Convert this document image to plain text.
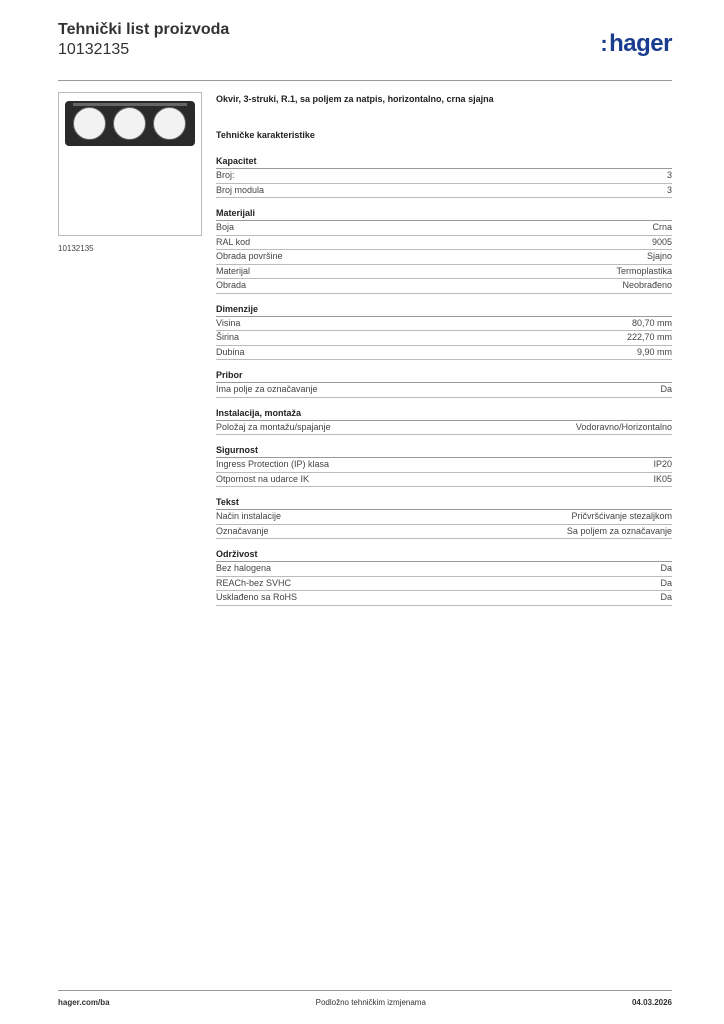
Tehnički list proizvoda
10132135	:hager
10132135
Okvir, 3-struki, R.1, sa poljem za natpis, horizontalno, crna sjajna
Tehničke karakteristike
Kapacitet
Broj:	3
Broj modula	3
Materijali
Boja	Crna
RAL kod	9005
Obrada površine	Sjajno
Materijal	Termoplastika
Obrada	Neobrađeno
Dimenzije
Visina	80,70 mm
Širina	222,70 mm
Dubina	9,90 mm
Pribor
Ima polje za označavanje	Da
Instalacija, montaža
Položaj za montažu/spajanje	Vodoravno/Horizontalno
Sigurnost
Ingress Protection (IP) klasa	IP20
Otpornost na udarce IK	IK05
Tekst
Način instalacije	Pričvršćivanje stezaljkom
Označavanje	Sa poljem za označavanje
Održivost
Bez halogena	Da
REACh-bez SVHC	Da
Usklađeno sa RoHS	Da
hager.com/ba	Podložno tehničkim izmjenama	04.03.2026
